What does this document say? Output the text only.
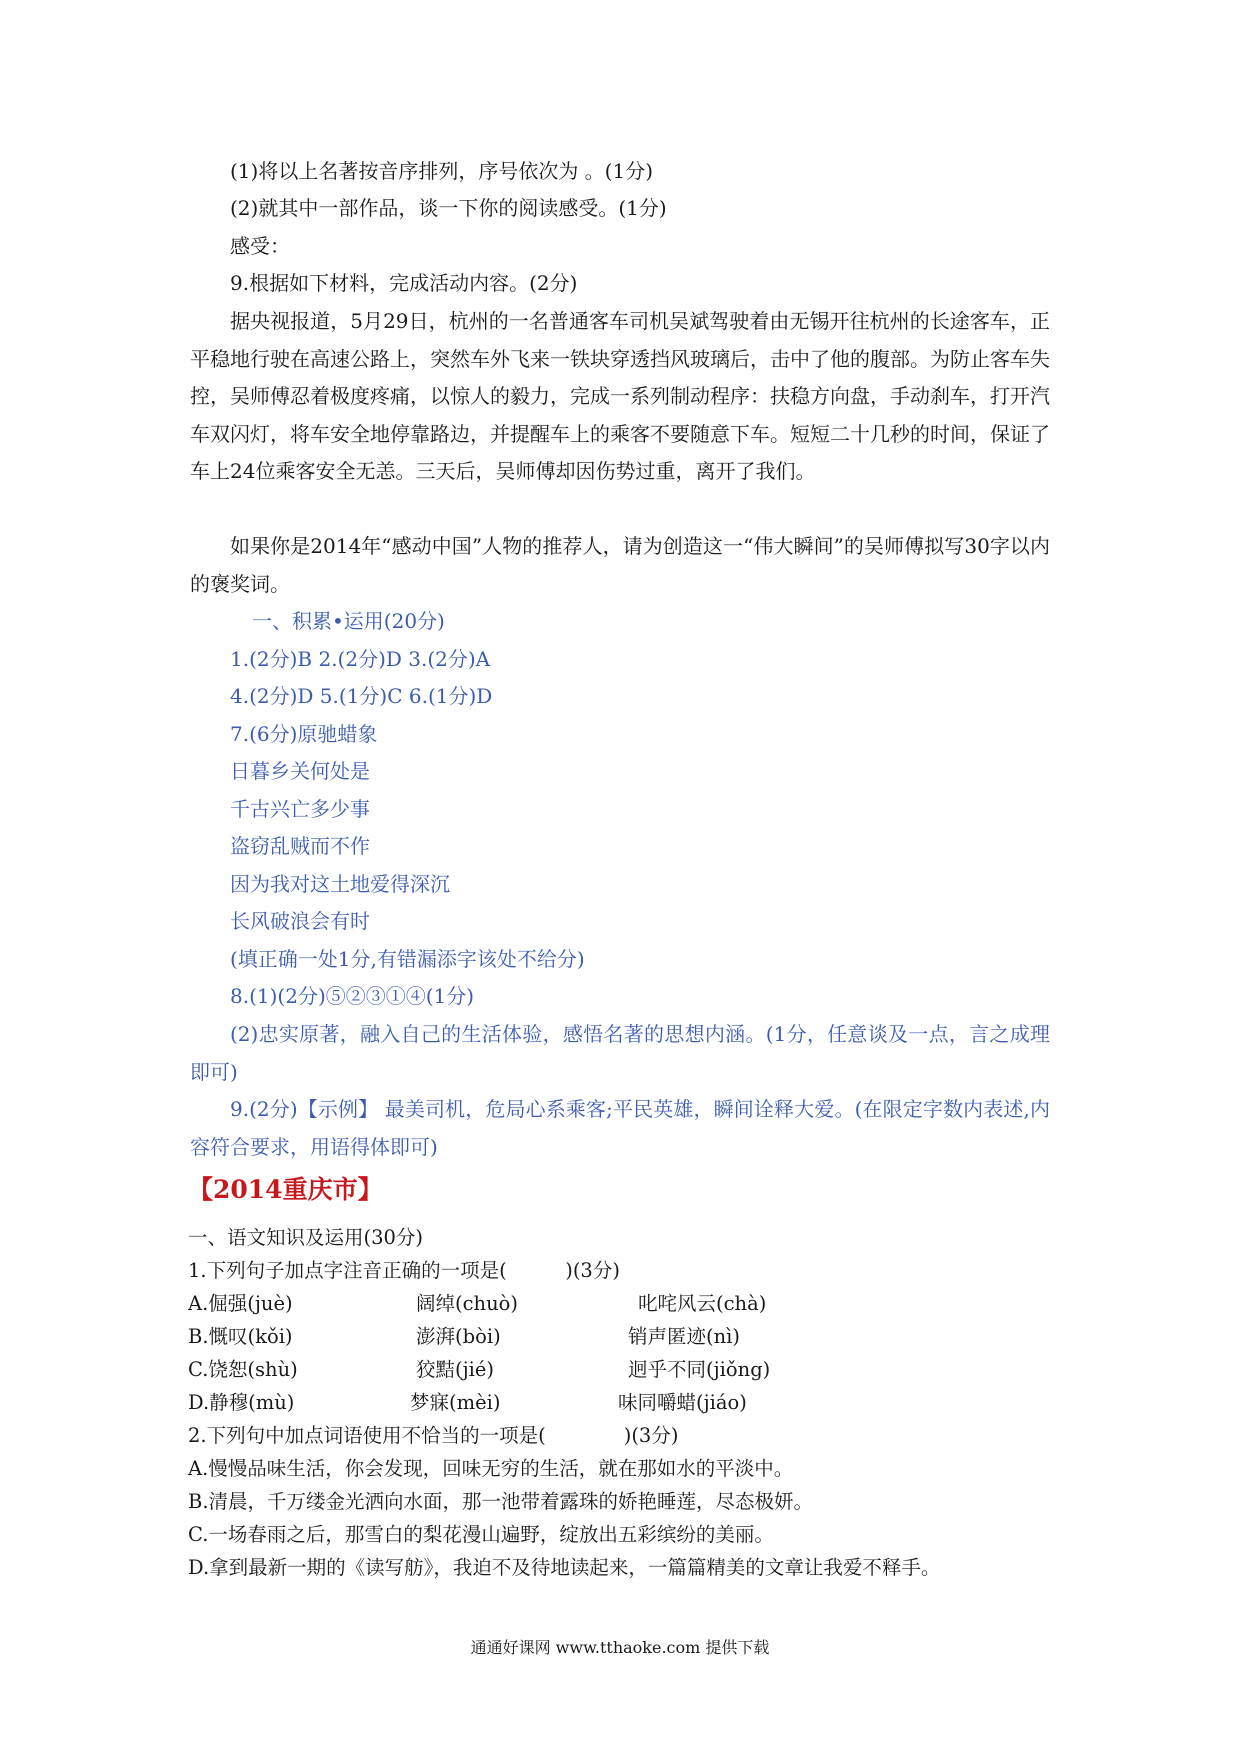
(1)将以上名著按音序排列，序号依次为 。(1分)
(2)就其中一部作品，谈一下你的阅读感受。(1分)
感受：
9.根据如下材料，完成活动内容。(2分)
据央视报道，5月29日，杭州的一名普通客车司机吴斌驾驶着由无锡开往杭州的长途客车，正平稳地行驶在高速公路上，突然车外飞来一铁块穿透挡风玻璃后，击中了他的腹部。为防止客车失控，吴师傅忍着极度疼痛，以惊人的毅力，完成一系列制动程序：扶稳方向盘，手动刹车，打开汽车双闪灯，将车安全地停靠路边，并提醒车上的乘客不要随意下车。短短二十几秒的时间，保证了车上24位乘客安全无恙。三天后，吴师傅却因伤势过重，离开了我们。
如果你是2014年“感动中国”人物的推荐人，请为创造这一“伟大瞬间”的吴师傅拟写30字以内的褒奖词。
一、积累•运用(20分)
1.(2分)B 2.(2分)D 3.(2分)A
4.(2分)D 5.(1分)C 6.(1分)D
7.(6分)原驰蜡象
日暮乡关何处是
千古兴亡多少事
盗窃乱贼而不作
因为我对这土地爱得深沉
长风破浪会有时
(填正确一处1分,有错漏添字该处不给分)
8.(1)(2分)⑤②③①④(1分)
(2)忠实原著，融入自己的生活体验，感悟名著的思想内涵。(1分，任意谈及一点，言之成理即可)
9.(2分)【示例】 最美司机，危局心系乘客;平民英雄，瞬间诠释大爱。(在限定字数内表述,内容符合要求，用语得体即可)
【2014重庆市】
一、语文知识及运用(30分)
1.下列句子加点字注音正确的一项是(　　　)(3分)
A.倔强(juè)	阔绰(chuò)	叱咤风云(chà)
B.慨叹(kǒi)	澎湃(bòi)	销声匿迹(nì)
C.饶恕(shù)	狡黠(jié)	迥乎不同(jiǒng)
D.静穆(mù)	梦寐(mèi)	味同嚼蜡(jiáo)
2.下列句中加点词语使用不恰当的一项是(　　　　)(3分)
A.慢慢品味生活，你会发现，回味无穷的生活，就在那如水的平淡中。
B.清晨，千万缕金光洒向水面，那一池带着露珠的娇艳睡莲，尽态极妍。
C.一场春雨之后，那雪白的梨花漫山遍野，绽放出五彩缤纷的美丽。
D.拿到最新一期的《读写舫》，我迫不及待地读起来，一篇篇精美的文章让我爱不释手。
通通好课网 www.tthaoke.com 提供下载
